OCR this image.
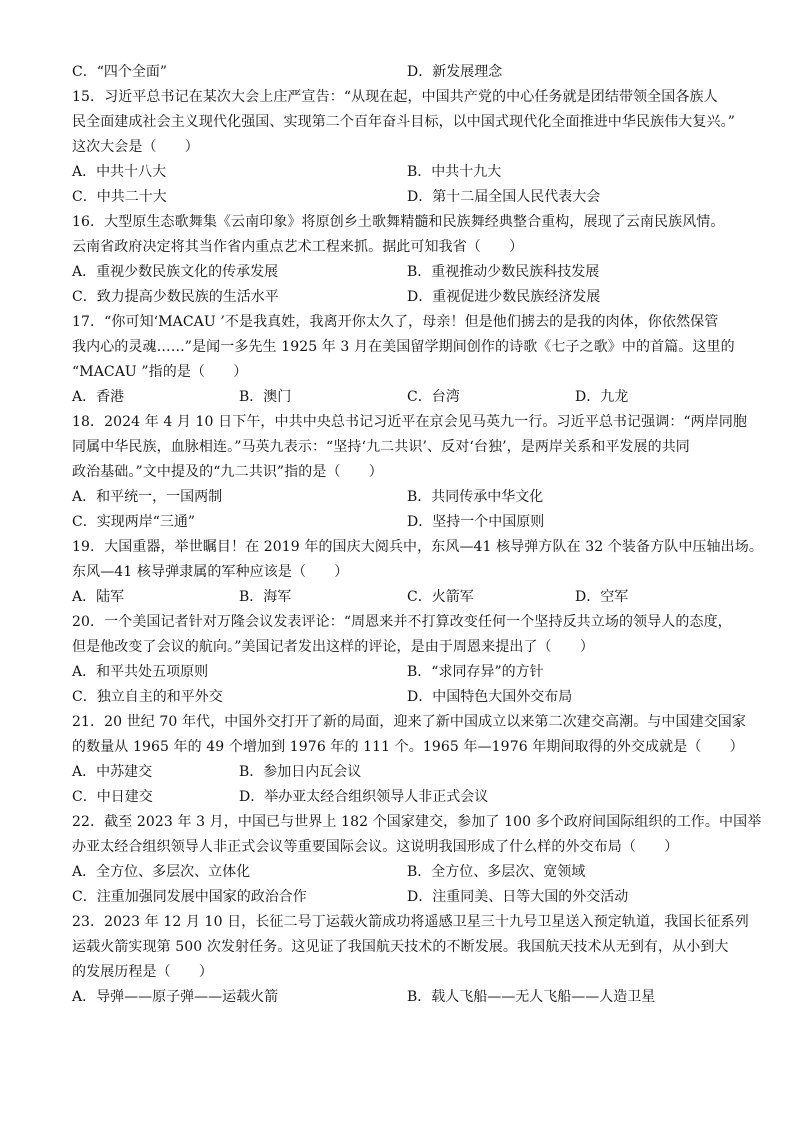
C．“四个全面”	D．新发展理念
15．习近平总书记在某次大会上庄严宣告：“从现在起，中国共产党的中心任务就是团结带领全国各族人
民全面建成社会主义现代化强国、实现第二个百年奋斗目标，以中国式现代化全面推进中华民族伟大复兴。”
这次大会是（　　）
A．中共十八大	B．中共十九大
C．中共二十大	D．第十二届全国人民代表大会
16．大型原生态歌舞集《云南印象》将原创乡土歌舞精髓和民族舞经典整合重构，展现了云南民族风情。
云南省政府决定将其当作省内重点艺术工程来抓。据此可知我省（　　）
A．重视少数民族文化的传承发展	B．重视推动少数民族科技发展
C．致力提高少数民族的生活水平	D．重视促进少数民族经济发展
17．“你可知‘MACAU ’不是我真姓，我离开你太久了，母亲！但是他们掳去的是我的肉体，你依然保管
我内心的灵魂……”是闻一多先生 1925 年 3 月在美国留学期间创作的诗歌《七子之歌》中的首篇。这里的
“MACAU ”指的是（　　）
A．香港	B．澳门	C．台湾	D．九龙
18．2024 年 4 月 10 日下午，中共中央总书记习近平在京会见马英九一行。习近平总书记强调：“两岸同胞
同属中华民族，血脉相连。”马英九表示：“坚持‘九二共识’、反对‘台独’，是两岸关系和平发展的共同
政治基础。”文中提及的“九二共识”指的是（　　）
A．和平统一，一国两制	B．共同传承中华文化
C．实现两岸“三通”	D．坚持一个中国原则
19．大国重器，举世瞩目！在 2019 年的国庆大阅兵中，东风—41 核导弹方队在 32 个装备方队中压轴出场。
东风—41 核导弹隶属的军种应该是（　　）
A．陆军	B．海军	C．火箭军	D．空军
20．一个美国记者针对万隆会议发表评论：“周恩来并不打算改变任何一个坚持反共立场的领导人的态度，
但是他改变了会议的航向。”美国记者发出这样的评论，是由于周恩来提出了（　　）
A．和平共处五项原则	B．“求同存异”的方针
C．独立自主的和平外交	D．中国特色大国外交布局
21．20 世纪 70 年代，中国外交打开了新的局面，迎来了新中国成立以来第二次建交高潮。与中国建交国家
的数量从 1965 年的 49 个增加到 1976 年的 111 个。1965 年—1976 年期间取得的外交成就是（　　）
A．中苏建交	B．参加日内瓦会议
C．中日建交	D．举办亚太经合组织领导人非正式会议
22．截至 2023 年 3 月，中国已与世界上 182 个国家建交，参加了 100 多个政府间国际组织的工作。中国举
办亚太经合组织领导人非正式会议等重要国际会议。这说明我国形成了什么样的外交布局（　　）
A．全方位、多层次、立体化	B．全方位、多层次、宽领域
C．注重加强同发展中国家的政治合作	D．注重同美、日等大国的外交活动
23．2023 年 12 月 10 日，长征二号丁运载火箭成功将遥感卫星三十九号卫星送入预定轨道，我国长征系列
运载火箭实现第 500 次发射任务。这见证了我国航天技术的不断发展。我国航天技术从无到有，从小到大
的发展历程是（　　）
A．导弹——原子弹——运载火箭	B．载人飞船——无人飞船——人造卫星
